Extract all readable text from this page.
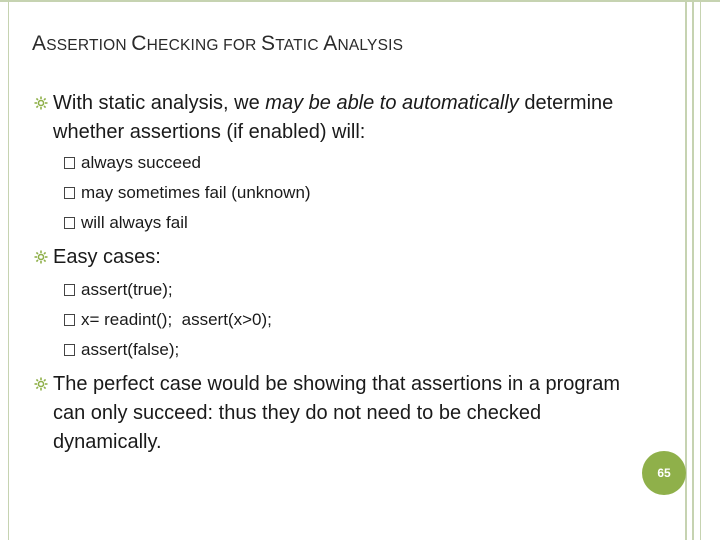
ASSERTION CHECKING FOR STATIC ANALYSIS
With static analysis, we may be able to automatically determine whether assertions (if enabled) will:
always succeed
may sometimes fail (unknown)
will always fail
Easy cases:
assert(true);
x= readint();  assert(x>0);
assert(false);
The perfect case would be showing that assertions in a program can only succeed: thus they do not need to be checked dynamically.
65
